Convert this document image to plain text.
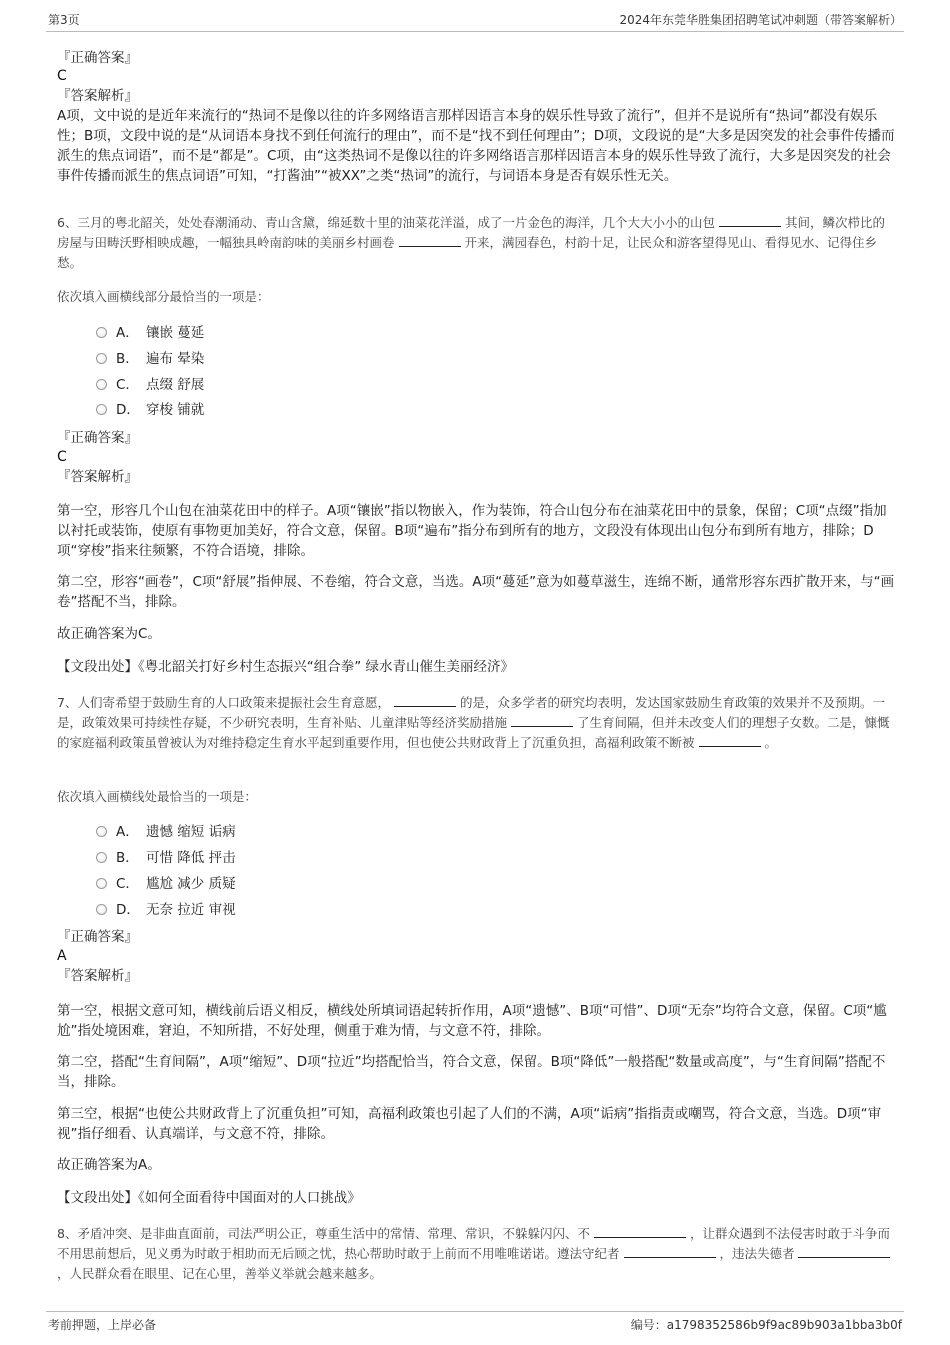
第3页	2024年东莞华胜集团招聘笔试冲刺题（带答案解析）
『正确答案』
C
『答案解析』
A项，文中说的是近年来流行的“热词不是像以往的许多网络语言那样因语言本身的娱乐性导致了流行”，但并不是说所有“热词”都没有娱乐性；B项，文段中说的是“从词语本身找不到任何流行的理由”，而不是“找不到任何理由”；D项，文段说的是“大多是因突发的社会事件传播而派生的焦点词语”，而不是“都是”。C项，由“这类热词不是像以往的许多网络语言那样因语言本身的娱乐性导致了流行，大多是因突发的社会事件传播而派生的焦点词语”可知，“打酱油”“被XX”之类“热词”的流行，与词语本身是否有娱乐性无关。
6、三月的粤北韶关，处处春潮涌动、青山含黛，绵延数十里的油菜花洋溢，成了一片金色的海洋，几个大大小小的山包	其间，鳞次栉比的房屋与田畴沃野相映成趣，一幅独具岭南韵味的美丽乡村画卷	开来，满园春色，村韵十足，让民众和游客望得见山、看得见水、记得住乡愁。
依次填入画横线部分最恰当的一项是：
A． 镶嵌 蔓延
B． 遍布 晕染
C． 点缀 舒展
D． 穿梭 铺就
『正确答案』
C
『答案解析』
第一空，形容几个山包在油菜花田中的样子。A项“镶嵌”指以物嵌入，作为装饰，符合山包分布在油菜花田中的景象，保留；C项“点缀”指加以衬托或装饰，使原有事物更加美好，符合文意，保留。B项“遍布”指分布到所有的地方，文段没有体现出山包分布到所有地方，排除；D项“穿梭”指来往频繁，不符合语境，排除。
第二空，形容“画卷”，C项“舒展”指伸展、不卷缩，符合文意，当选。A项“蔓延”意为如蔓草滋生，连绵不断，通常形容东西扩散开来，与“画卷”搭配不当，排除。
故正确答案为C。
【文段出处】《粤北韶关打好乡村生态振兴“组合拳” 绿水青山催生美丽经济》
7、人们寄希望于鼓励生育的人口政策来提振社会生育意愿，	的是，众多学者的研究均表明，发达国家鼓励生育政策的效果并不及预期。一是，政策效果可持续性存疑，不少研究表明，生育补贴、儿童津贴等经济奖励措施	了生育间隔，但并未改变人们的理想子女数。二是，慷慨的家庭福利政策虽曾被认为对维持稳定生育水平起到重要作用，但也使公共财政背上了沉重负担，高福利政策不断被	。
依次填入画横线处最恰当的一项是：
A． 遗憾 缩短 诟病
B． 可惜 降低 抨击
C． 尴尬 减少 质疑
D． 无奈 拉近 审视
『正确答案』
A
『答案解析』
第一空，根据文意可知，横线前后语义相反，横线处所填词语起转折作用，A项“遗憾”、B项“可惜”、D项“无奈”均符合文意，保留。C项“尴尬”指处境困难，窘迫，不知所措，不好处理，侧重于难为情，与文意不符，排除。
第二空，搭配“生育间隔”，A项“缩短”、D项“拉近”均搭配恰当，符合文意，保留。B项“降低”一般搭配“数量或高度”，与“生育间隔”搭配不当，排除。
第三空，根据“也使公共财政背上了沉重负担”可知，高福利政策也引起了人们的不满，A项“诟病”指指责或嘲骂，符合文意，当选。D项“审视”指仔细看、认真端详，与文意不符，排除。
故正确答案为A。
【文段出处】《如何全面看待中国面对的人口挑战》
8、矛盾冲突、是非曲直面前，司法严明公正，尊重生活中的常情、常理、常识，不躲躲闪闪、不	，让群众遇到不法侵害时敢于斗争而不用思前想后，见义勇为时敢于相助而无后顾之忧，热心帮助时敢于上前而不用唯唯诺诺。遵法守纪者	，违法失德者  ，人民群众看在眼里、记在心里，善举义举就会越来越多。
考前押题，上岸必备	编号：a1798352586b9f9ac89b903a1bba3b0f
